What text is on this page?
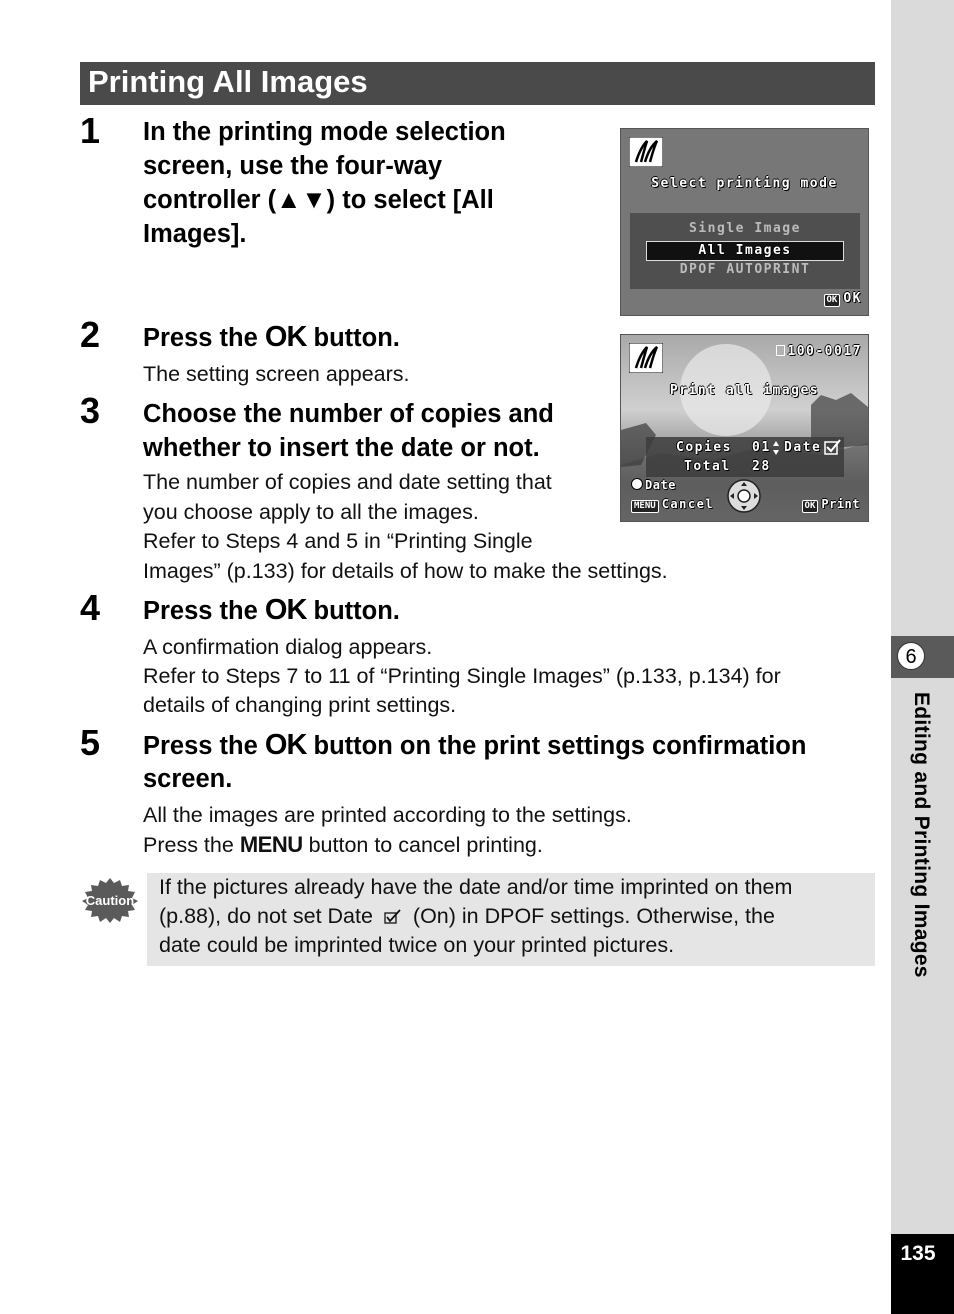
Printing All Images
1 In the printing mode selection screen, use the four-way controller (▲▼) to select [All Images].
Select printing mode
Single Image
All Images
DPOF AUTOPRINT
OK OK
2 Press the OK button.
The setting screen appears.
100-0017
Print all images
Copies 01 Date
Total 28
Date
MENU Cancel	OK Print
3 Choose the number of copies and whether to insert the date or not.
The number of copies and date setting that
you choose apply to all the images.
Refer to Steps 4 and 5 in “Printing Single
Images” (p.133) for details of how to make the settings.
4 Press the OK button.
A confirmation dialog appears.
Refer to Steps 7 to 11 of “Printing Single Images” (p.133, p.134) for
details of changing print settings.
5 Press the OK button on the print settings confirmation
screen.
All the images are printed according to the settings.
Press the MENU button to cancel printing.
Caution
If the pictures already have the date and/or time imprinted on them
(p.88), do not set Date (On) in DPOF settings. Otherwise, the
date could be imprinted twice on your printed pictures.
6
Editing and Printing Images
135
